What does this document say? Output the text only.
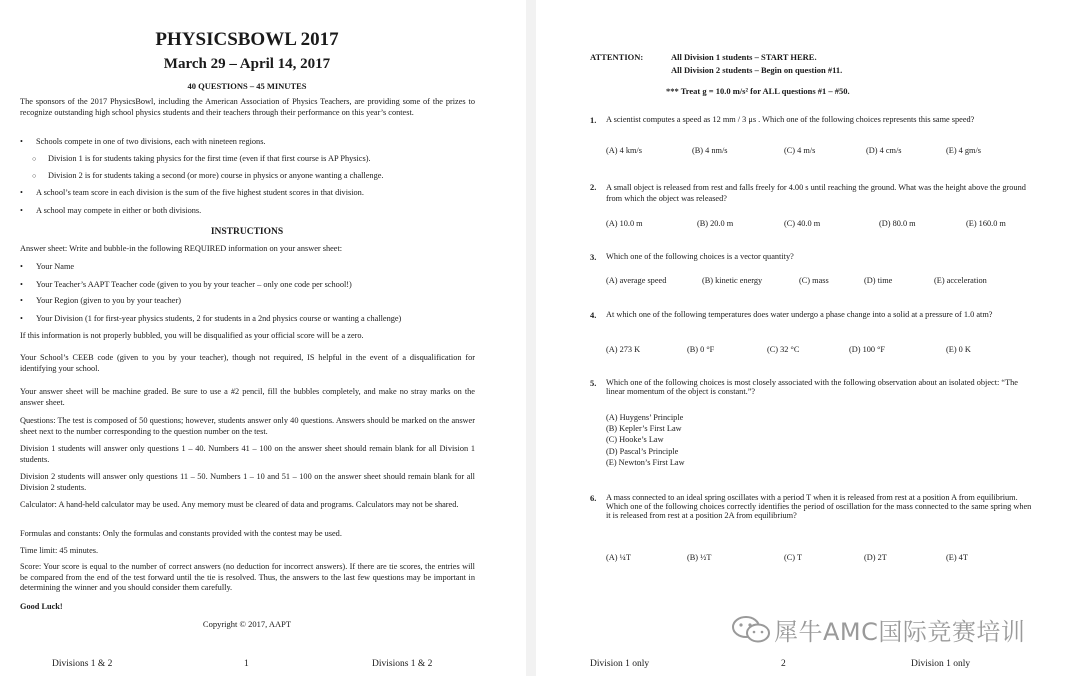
PHYSICSBOWL 2017
March 29 – April 14, 2017
40 QUESTIONS – 45 MINUTES
The sponsors of the 2017 PhysicsBowl, including the American Association of Physics Teachers, are providing some of the prizes to recognize outstanding high school physics students and their teachers through their performance on this year’s contest.
• Schools compete in one of two divisions, each with nineteen regions.
○ Division 1 is for students taking physics for the first time (even if that first course is AP Physics).
○ Division 2 is for students taking a second (or more) course in physics or anyone wanting a challenge.
• A school’s team score in each division is the sum of the five highest student scores in that division.
• A school may compete in either or both divisions.
INSTRUCTIONS
Answer sheet: Write and bubble-in the following REQUIRED information on your answer sheet:
• Your Name
• Your Teacher’s AAPT Teacher code (given to you by your teacher – only one code per school!)
• Your Region (given to you by your teacher)
• Your Division (1 for first-year physics students, 2 for students in a 2nd physics course or wanting a challenge)
If this information is not properly bubbled, you will be disqualified as your official score will be a zero.
Your School’s CEEB code (given to you by your teacher), though not required, IS helpful in the event of a disqualification for identifying your school.
Your answer sheet will be machine graded. Be sure to use a #2 pencil, fill the bubbles completely, and make no stray marks on the answer sheet.
Questions: The test is composed of 50 questions; however, students answer only 40 questions. Answers should be marked on the answer sheet next to the number corresponding to the question number on the test.
Division 1 students will answer only questions 1 – 40. Numbers 41 – 100 on the answer sheet should remain blank for all Division 1 students.
Division 2 students will answer only questions 11 – 50. Numbers 1 – 10 and 51 – 100 on the answer sheet should remain blank for all Division 2 students.
Calculator: A hand-held calculator may be used. Any memory must be cleared of data and programs. Calculators may not be shared.
Formulas and constants: Only the formulas and constants provided with the contest may be used.
Time limit: 45 minutes.
Score: Your score is equal to the number of correct answers (no deduction for incorrect answers). If there are tie scores, the entries will be compared from the end of the test forward until the tie is resolved. Thus, the answers to the last few questions may be important in determining the winner and you should consider them carefully.
Good Luck!
Copyright © 2017, AAPT
Divisions 1 & 2	1	Divisions 1 & 2
ATTENTION:	All Division 1 students – START HERE.
All Division 2 students – Begin on question #11.
*** Treat g = 10.0 m/s² for ALL questions #1 – #50.
1. A scientist computes a speed as 12 mm / 3 μs . Which one of the following choices represents this same speed?
(A) 4 km/s	(B) 4 nm/s	(C) 4 m/s	(D) 4 cm/s	(E) 4 gm/s
2. A small object is released from rest and falls freely for 4.00 s until reaching the ground. What was the height above the ground from which the object was released?
(A) 10.0 m	(B) 20.0 m	(C) 40.0 m	(D) 80.0 m	(E) 160.0 m
3. Which one of the following choices is a vector quantity?
(A) average speed	(B) kinetic energy	(C) mass	(D) time	(E) acceleration
4. At which one of the following temperatures does water undergo a phase change into a solid at a pressure of 1.0 atm?
(A) 273 K	(B) 0 °F	(C) 32 °C	(D) 100 °F	(E) 0 K
5. Which one of the following choices is most closely associated with the following observation about an isolated object: “The linear momentum of the object is constant.”?
(A) Huygens’ Principle
(B) Kepler’s First Law
(C) Hooke’s Law
(D) Pascal’s Principle
(E) Newton’s First Law
6. A mass connected to an ideal spring oscillates with a period T when it is released from rest at a position A from equilibrium. Which one of the following choices correctly identifies the period of oscillation for the mass connected to the same spring when it is released from rest at a position 2A from equilibrium?
(A) ¼T	(B) ½T	(C) T	(D) 2T	(E) 4T
Division 1 only	2	Division 1 only
犀牛AMC国际竞赛培训
